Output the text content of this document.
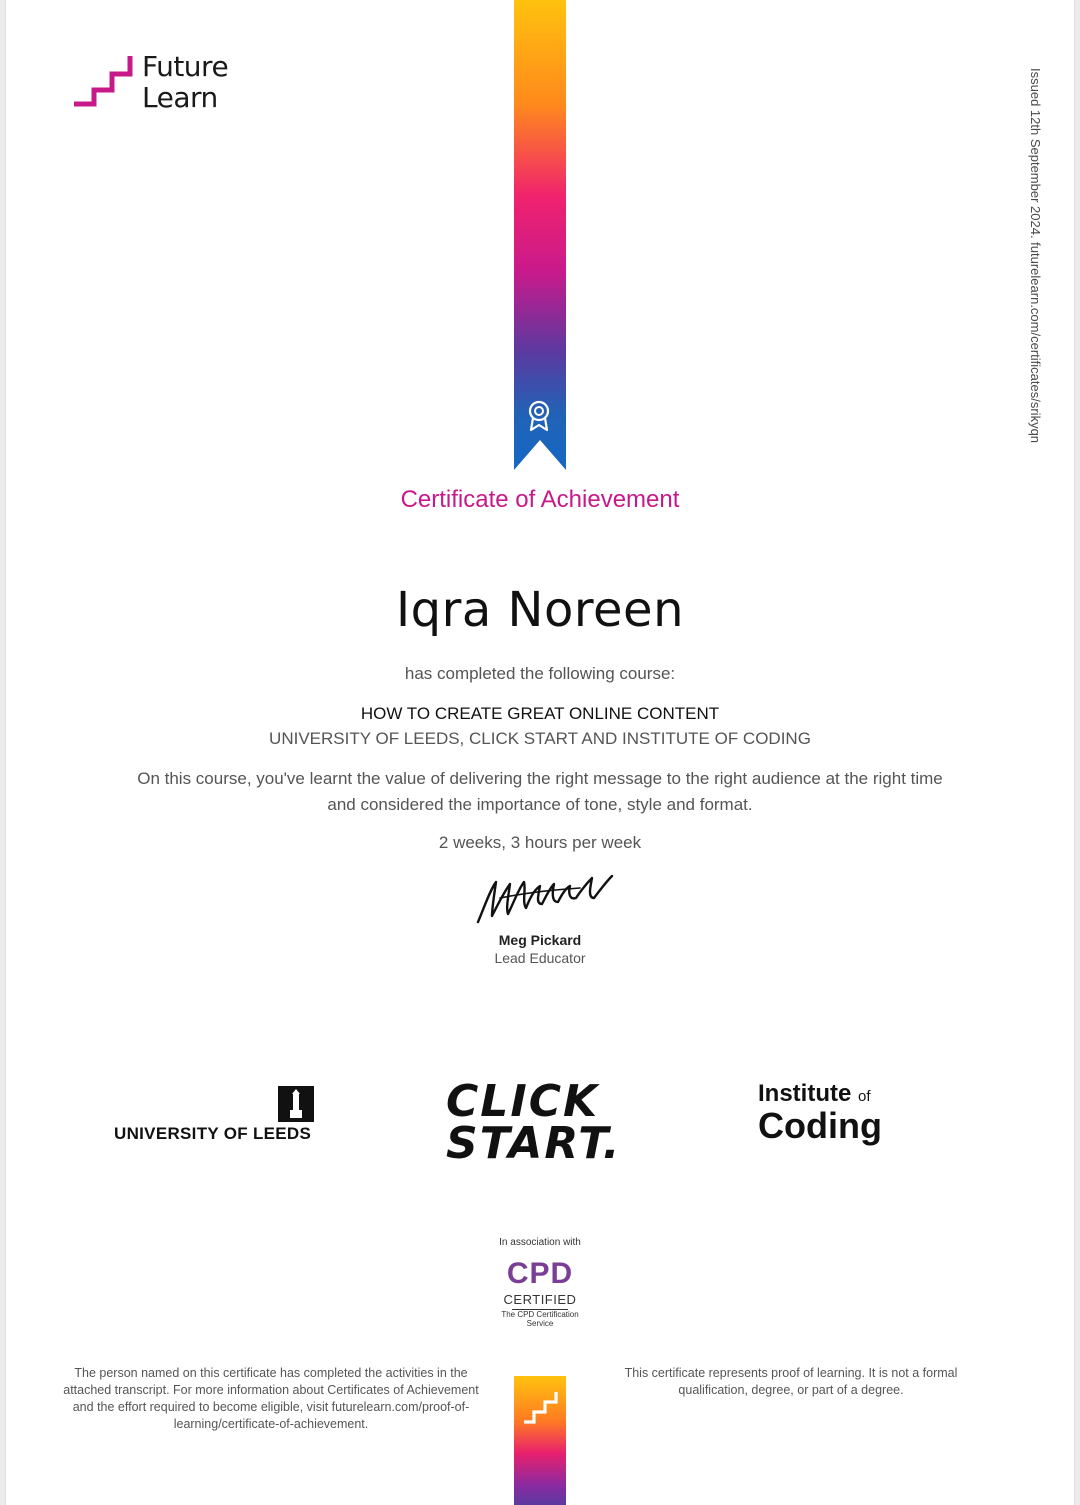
Future
Learn	Issued 12th September 2024. futurelearn.com/certificates/srikyqn
Certificate of Achievement
Iqra Noreen
has completed the following course:
HOW TO CREATE GREAT ONLINE CONTENT
UNIVERSITY OF LEEDS, CLICK START AND INSTITUTE OF CODING
On this course, you've learnt the value of delivering the right message to the right audience at the right time and considered the importance of tone, style and format.
2 weeks, 3 hours per week
Meg Pickard
Lead Educator
UNIVERSITY OF LEEDS
CLICK
START.
Institute of
Coding
In association with
CPD
CERTIFIED
The CPD Certification Service
The person named on this certificate has completed the activities in the attached transcript. For more information about Certificates of Achievement and the effort required to become eligible, visit futurelearn.com/proof-of-learning/certificate-of-achievement.
This certificate represents proof of learning. It is not a formal qualification, degree, or part of a degree.
